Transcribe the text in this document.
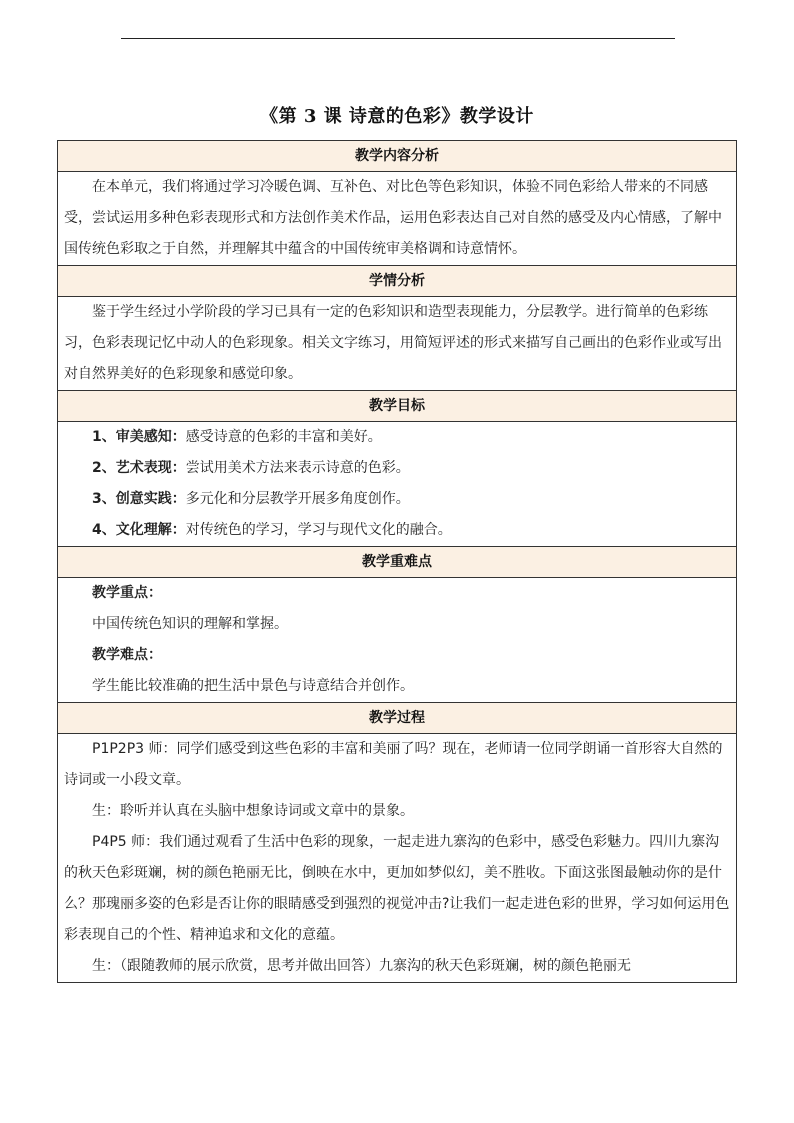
《第 3 课 诗意的色彩》教学设计
教学内容分析

在本单元，我们将通过学习冷暖色调、互补色、对比色等色彩知识，体验不同色彩给人带来的不同感受，尝试运用多种色彩表现形式和方法创作美术作品，运用色彩表达自己对自然的感受及内心情感，了解中国传统色彩取之于自然，并理解其中蕴含的中国传统审美格调和诗意情怀。

学情分析

鉴于学生经过小学阶段的学习已具有一定的色彩知识和造型表现能力，分层教学。进行简单的色彩练习，色彩表现记忆中动人的色彩现象。相关文字练习，用简短评述的形式来描写自己画出的色彩作业或写出对自然界美好的色彩现象和感觉印象。

教学目标

1、审美感知：感受诗意的色彩的丰富和美好。

2、艺术表现：尝试用美术方法来表示诗意的色彩。

3、创意实践：多元化和分层教学开展多角度创作。

4、文化理解：对传统色的学习，学习与现代文化的融合。

教学重难点

教学重点：

中国传统色知识的理解和掌握。

教学难点：

学生能比较准确的把生活中景色与诗意结合并创作。

教学过程

P1P2P3 师：同学们感受到这些色彩的丰富和美丽了吗？现在，老师请一位同学朗诵一首形容大自然的诗词或一小段文章。

生：聆听并认真在头脑中想象诗词或文章中的景象。

P4P5 师：我们通过观看了生活中色彩的现象，一起走进九寨沟的色彩中，感受色彩魅力。四川九寨沟的秋天色彩斑斓，树的颜色艳丽无比，倒映在水中，更加如梦似幻，美不胜收。下面这张图最触动你的是什么？那瑰丽多姿的色彩是否让你的眼睛感受到强烈的视觉冲击?让我们一起走进色彩的世界，学习如何运用色彩表现自己的个性、精神追求和文化的意蕴。

生：（跟随教师的展示欣赏，思考并做出回答）九寨沟的秋天色彩斑斓，树的颜色艳丽无
